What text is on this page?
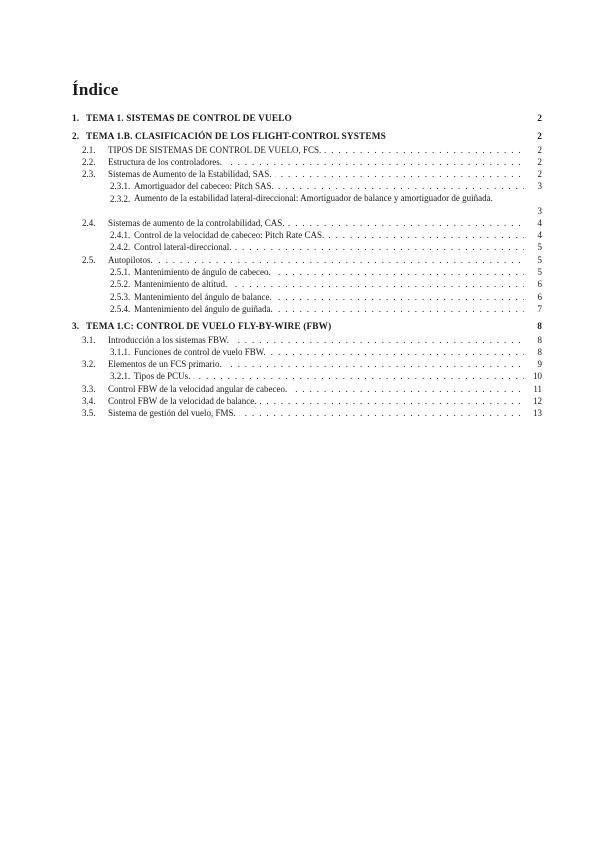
Índice
1. TEMA 1. SISTEMAS DE CONTROL DE VUELO	2
2. TEMA 1.B. CLASIFICACIÓN DE LOS FLIGHT-CONTROL SYSTEMS	2
2.1. TIPOS DE SISTEMAS DE CONTROL DE VUELO, FCS. . . .	2
2.2. Estructura de los controladores. . . .	2
2.3. Sistemas de Aumento de la Estabilidad, SAS. . . .	2
2.3.1. Amortiguador del cabeceo: Pitch SAS. . . .	3
2.3.2. Aumento de la estabilidad lateral-direccional: Amortiguador de balance y amortiguador de guiñada.
3
2.4. Sistemas de aumento de la controlabilidad, CAS. . . .	4
2.4.1. Control de la velocidad de cabeceo: Pitch Rate CAS. . . .	4
2.4.2. Control lateral-direccional. . . .	5
2.5. Autopilotos. . . .	5
2.5.1. Mantenimiento de ángulo de cabeceo. . . .	5
2.5.2. Mantenimiento de altitud. . . .	6
2.5.3. Mantenimiento del ángulo de balance. . . .	6
2.5.4. Mantenimiento del ángulo de guiñada. . . .	7
3. TEMA 1.C: CONTROL DE VUELO FLY-BY-WIRE (FBW)	8
3.1. Introducción a los sistemas FBW. . . .	8
3.1.1. Funciones de control de vuelo FBW. . . .	8
3.2. Elementos de un FCS primario. . . .	9
3.2.1. Tipos de PCUs. . . .	10
3.3. Control FBW de la velocidad angular de cabeceo. . . .	11
3.4. Control FBW de la velocidad de balance. . . .	12
3.5. Sistema de gestión del vuelo, FMS. . . .	13
